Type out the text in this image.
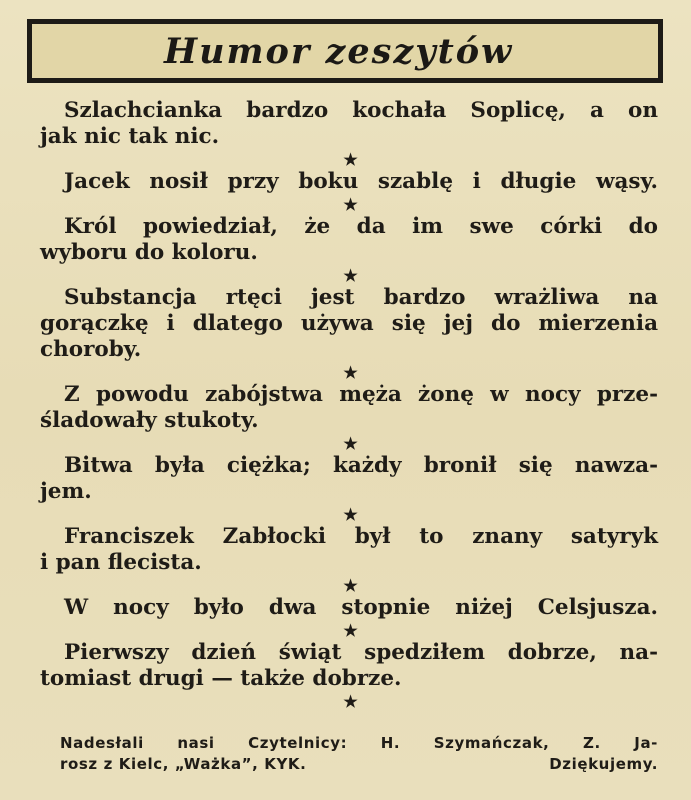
Humor zeszytów
Szlachcianka bardzo kochała Soplicę, a on
jak nic tak nic.
★
Jacek nosił przy boku szablę i długie wąsy.
★
Król powiedział, że da im swe córki do
wyboru do koloru.
★
Substancja rtęci jest bardzo wrażliwa na
gorączkę i dlatego używa się jej do mierzenia
choroby.
★
Z powodu zabójstwa męża żonę w nocy prze-
śladowały stukoty.
★
Bitwa była ciężka; każdy bronił się nawza-
jem.
★
Franciszek Zabłocki był to znany satyryk
i pan flecista.
★
W nocy było dwa stopnie niżej Celsjusza.
★
Pierwszy dzień świąt spedziłem dobrze, na-
tomiast drugi — także dobrze.
★
Nadesłali nasi Czytelnicy: H. Szymańczak, Z. Ja-
rosz z Kielc, „Ważka”, KYK.	Dziękujemy.
